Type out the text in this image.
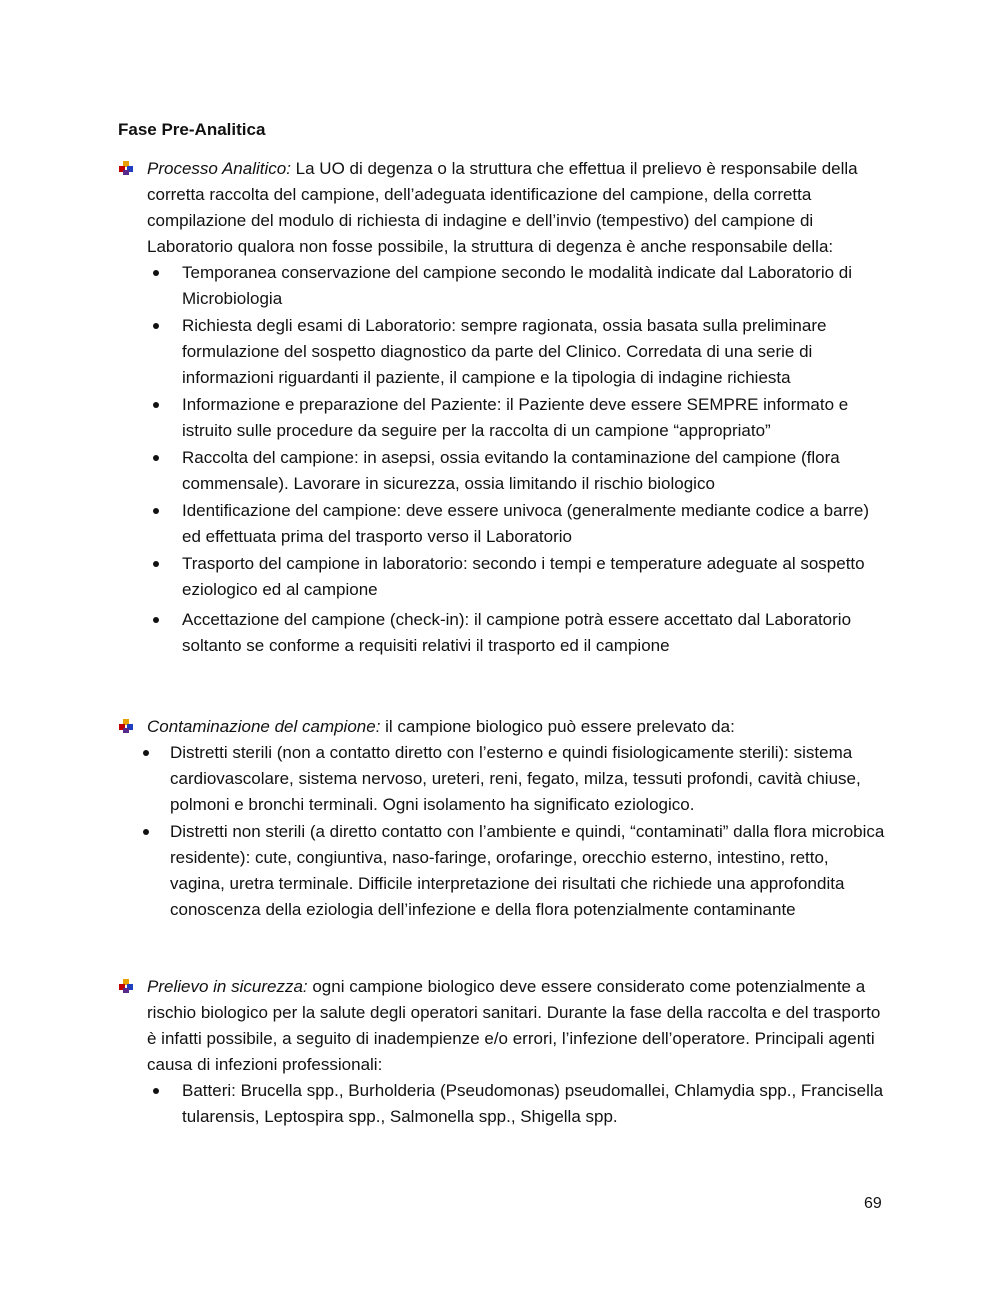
Fase Pre-Analitica
Processo Analitico: La UO di degenza o la struttura che effettua il prelievo è responsabile della corretta raccolta del campione, dell’adeguata identificazione del campione, della corretta compilazione del modulo di richiesta di indagine e dell’invio (tempestivo) del campione di Laboratorio qualora non fosse possibile, la struttura di degenza è anche responsabile della:
Temporanea conservazione del campione secondo le modalità indicate dal Laboratorio di Microbiologia
Richiesta degli esami di Laboratorio: sempre ragionata, ossia basata sulla preliminare formulazione del sospetto diagnostico da parte del Clinico. Corredata di una serie di informazioni riguardanti il paziente, il campione e la tipologia di indagine richiesta
Informazione e preparazione del Paziente: il Paziente deve essere SEMPRE informato e istruito sulle procedure da seguire per la raccolta di un campione “appropriato”
Raccolta del campione: in asepsi, ossia evitando la contaminazione del campione (flora commensale). Lavorare in sicurezza, ossia limitando il rischio biologico
Identificazione del campione: deve essere univoca (generalmente mediante codice a barre) ed effettuata prima del trasporto verso il Laboratorio
Trasporto del campione in laboratorio: secondo i tempi e temperature adeguate al sospetto eziologico ed al campione
Accettazione del campione (check-in): il campione potrà essere accettato dal Laboratorio soltanto se conforme a requisiti relativi il trasporto ed il campione
Contaminazione del campione: il campione biologico può essere prelevato da:
Distretti sterili (non a contatto diretto con l’esterno e quindi fisiologicamente sterili): sistema cardiovascolare, sistema nervoso, ureteri, reni, fegato, milza, tessuti profondi, cavità chiuse, polmoni e bronchi terminali. Ogni isolamento ha significato eziologico.
Distretti non sterili (a diretto contatto con l’ambiente e quindi, “contaminati” dalla flora microbica residente): cute, congiuntiva, naso-faringe, orofaringe, orecchio esterno, intestino, retto, vagina, uretra terminale. Difficile interpretazione dei risultati che richiede una approfondita conoscenza della eziologia dell’infezione e della flora potenzialmente contaminante
Prelievo in sicurezza: ogni campione biologico deve essere considerato come potenzialmente a rischio biologico per la salute degli operatori sanitari. Durante la fase della raccolta e del trasporto è infatti possibile, a seguito di inadempienze e/o errori, l’infezione dell’operatore. Principali agenti causa di infezioni professionali:
Batteri: Brucella spp., Burholderia (Pseudomonas) pseudomallei, Chlamydia spp., Francisella tularensis, Leptospira spp., Salmonella spp., Shigella spp.
69
